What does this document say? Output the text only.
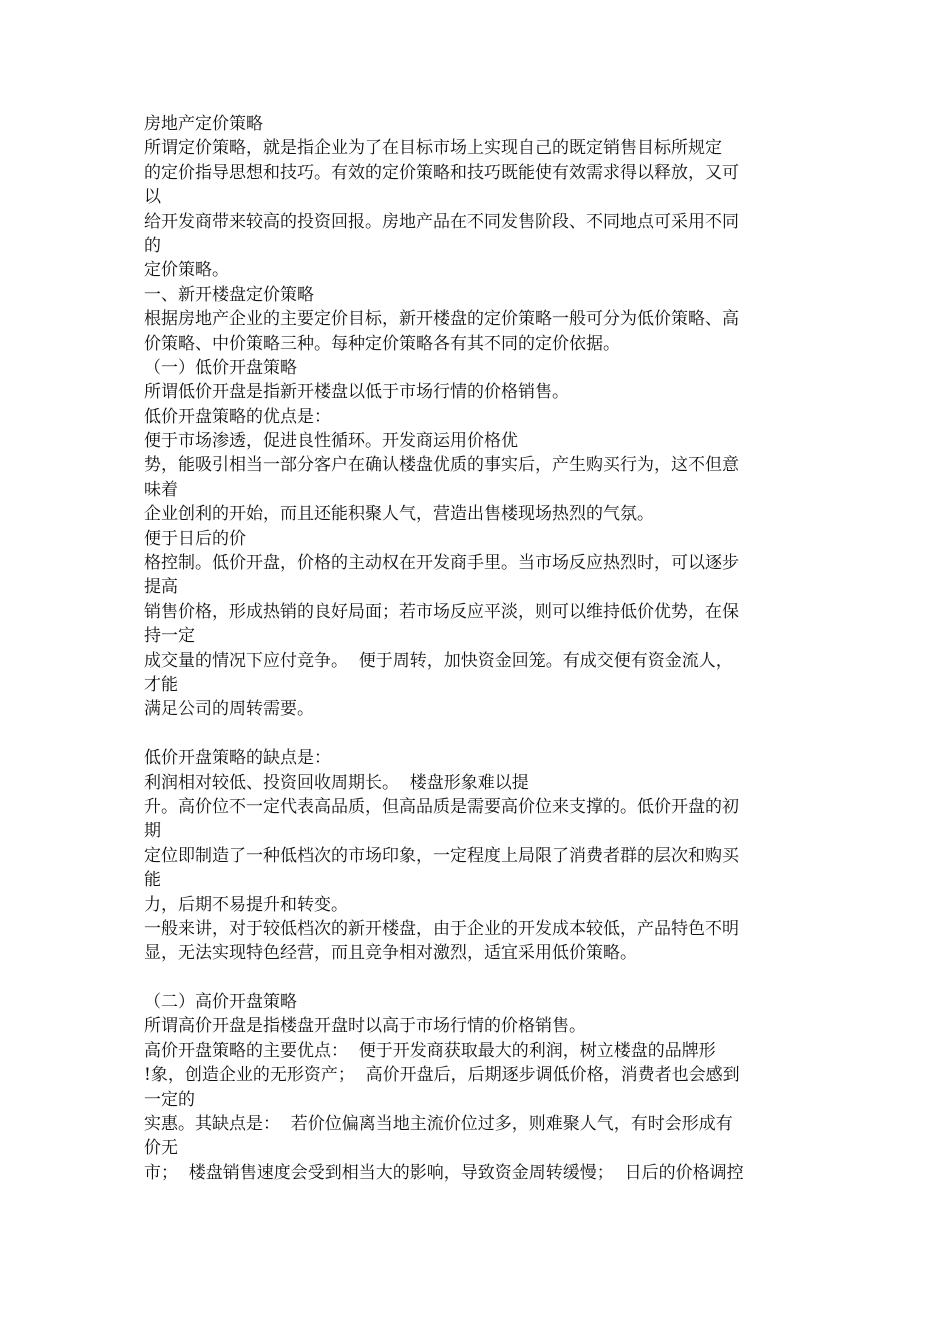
房地产定价策略
所谓定价策略，就是指企业为了在目标市场上实现自己的既定销售目标所规定
的定价指导思想和技巧。有效的定价策略和技巧既能使有效需求得以释放，又可
以
给开发商带来较高的投资回报。房地产品在不同发售阶段、不同地点可采用不同
的
定价策略。
一、新开楼盘定价策略
根据房地产企业的主要定价目标，新开楼盘的定价策略一般可分为低价策略、高
价策略、中价策略三种。每种定价策略各有其不同的定价依据。
（一）低价开盘策略
所谓低价开盘是指新开楼盘以低于市场行情的价格销售。
低价开盘策略的优点是：
便于市场渗透，促进良性循环。开发商运用价格优
势，能吸引相当一部分客户在确认楼盘优质的事实后，产生购买行为，这不但意
味着
企业创利的开始，而且还能积聚人气，营造出售楼现场热烈的气氛。
便于日后的价
格控制。低价开盘，价格的主动权在开发商手里。当市场反应热烈时，可以逐步
提高
销售价格，形成热销的良好局面；若市场反应平淡，则可以维持低价优势，在保
持一定
成交量的情况下应付竞争。  便于周转，加快资金回笼。有成交便有资金流人，
才能
满足公司的周转需要。
低价开盘策略的缺点是：
利润相对较低、投资回收周期长。  楼盘形象难以提
升。高价位不一定代表高品质，但高品质是需要高价位来支撑的。低价开盘的初
期
定位即制造了一种低档次的市场印象，一定程度上局限了消费者群的层次和购买
能
力，后期不易提升和转变。
一般来讲，对于较低档次的新开楼盘，由于企业的开发成本较低，产品特色不明
显，无法实现特色经营，而且竞争相对激烈，适宜采用低价策略。
（二）高价开盘策略
所谓高价开盘是指楼盘开盘时以高于市场行情的价格销售。
高价开盘策略的主要优点：  便于开发商获取最大的利润，树立楼盘的品牌形
!象，创造企业的无形资产；  高价开盘后，后期逐步调低价格，消费者也会感到
一定的
实惠。其缺点是：  若价位偏离当地主流价位过多，则难聚人气，有时会形成有
价无
市；  楼盘销售速度会受到相当大的影响，导致资金周转缓慢；  日后的价格调控
